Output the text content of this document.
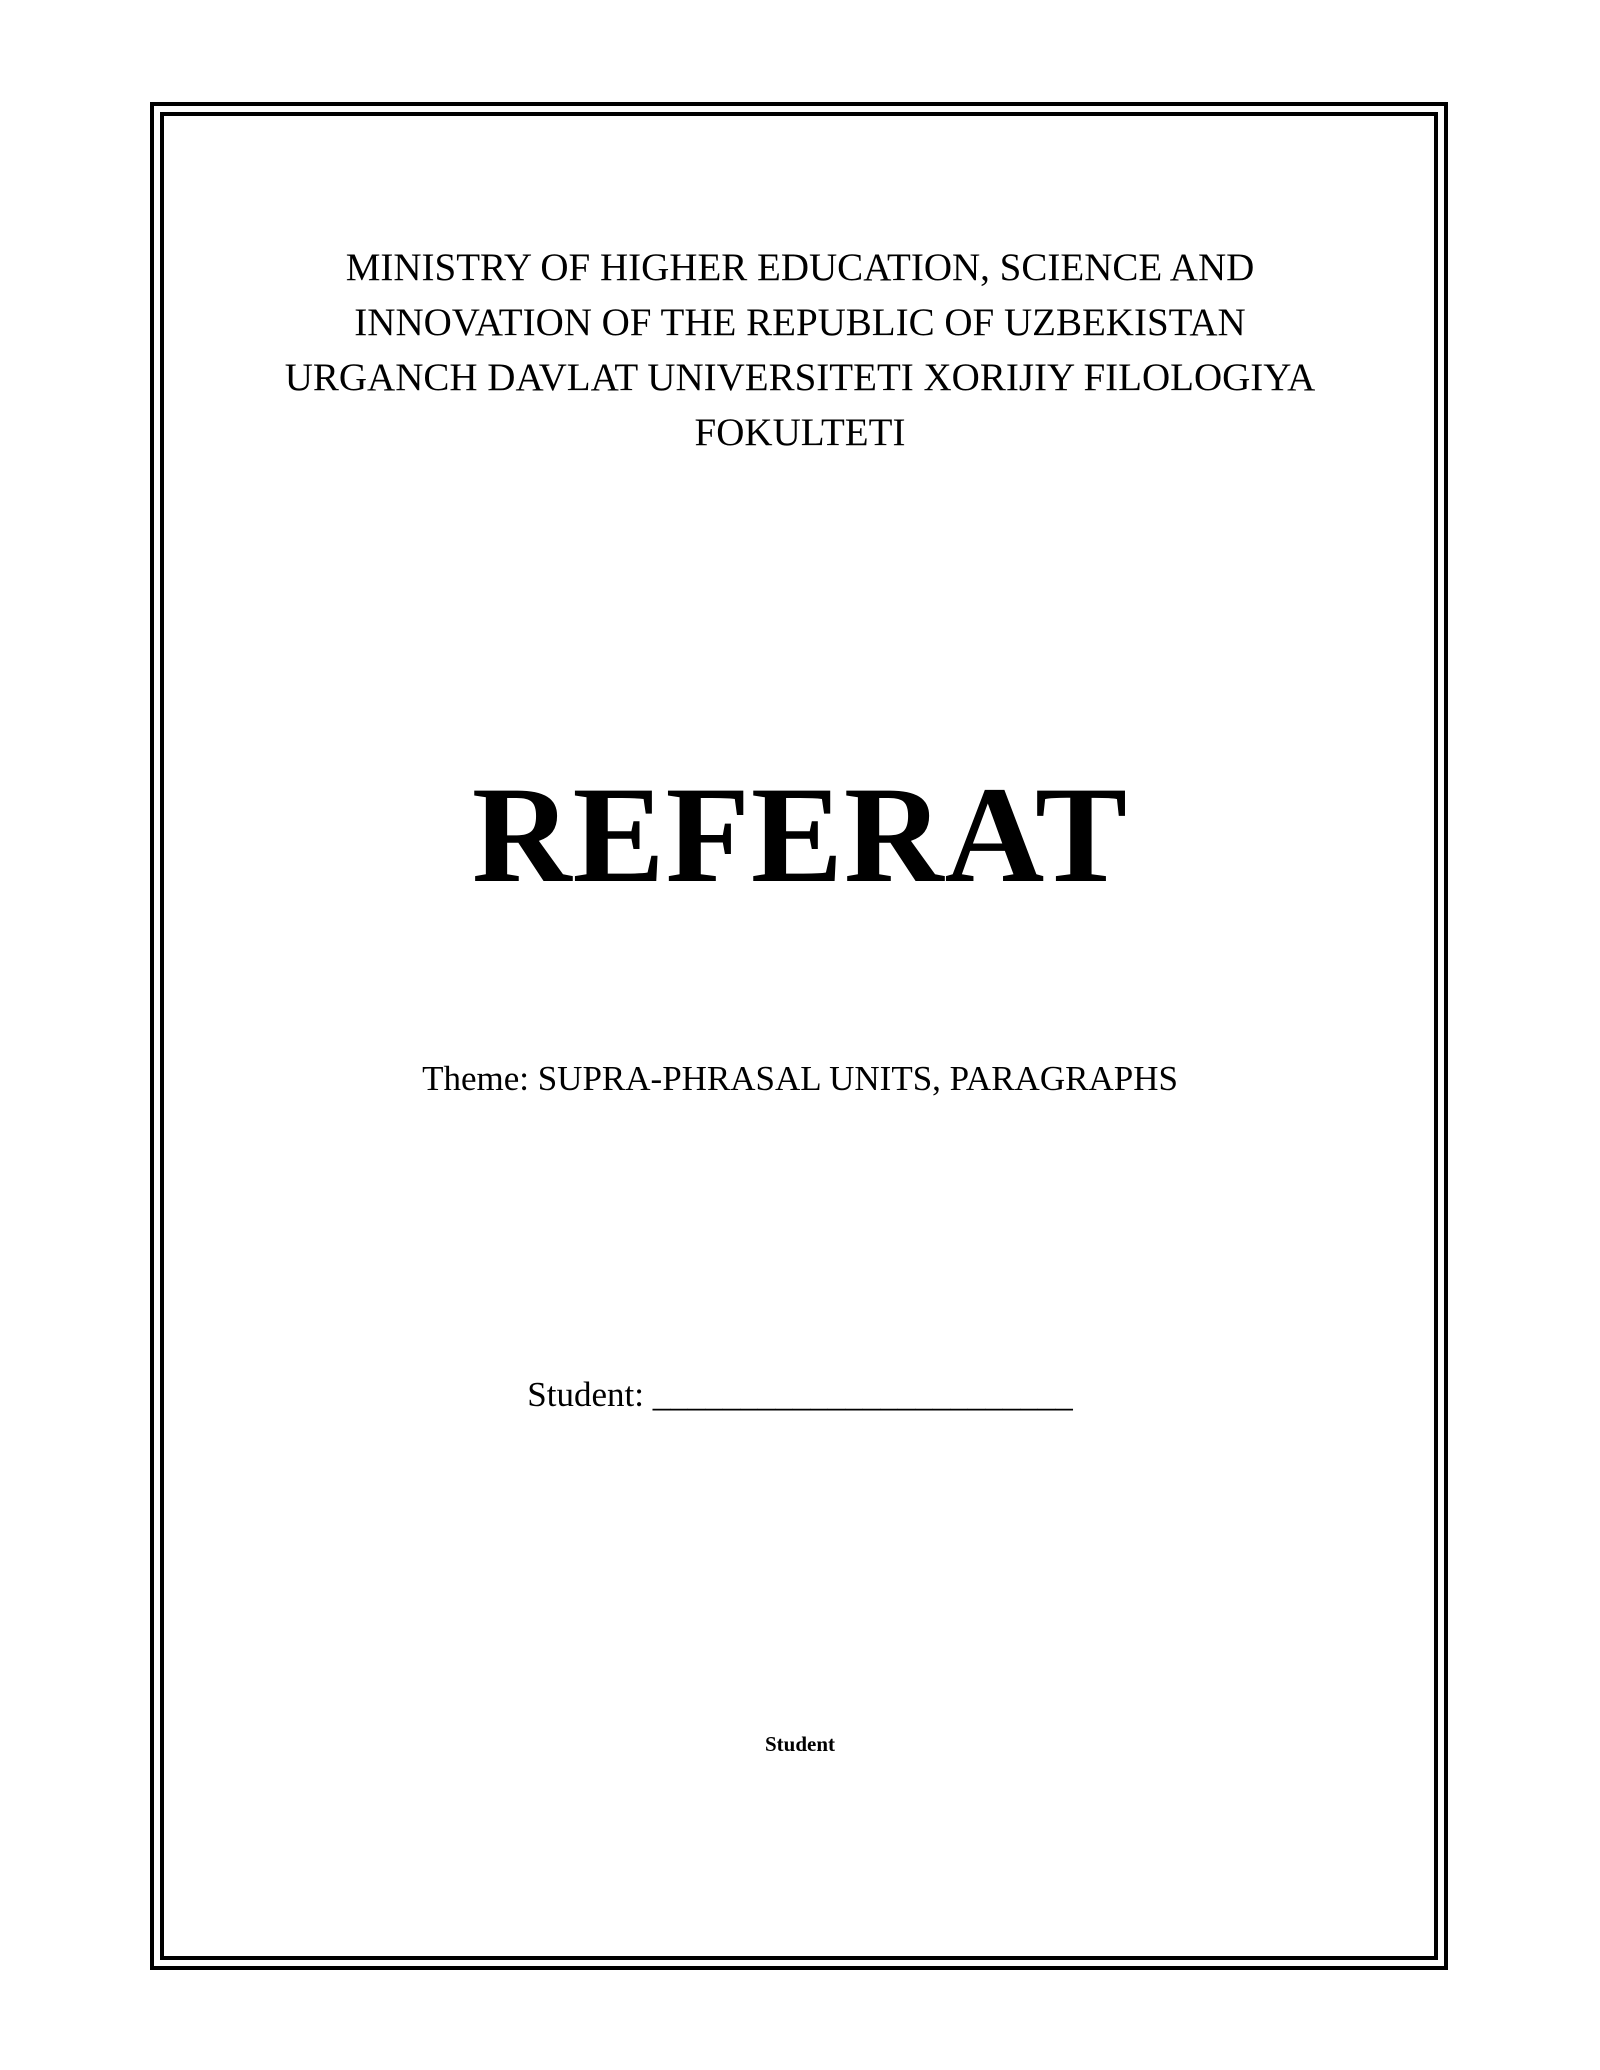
MINISTRY OF HIGHER EDUCATION, SCIENCE AND
INNOVATION OF THE REPUBLIC OF UZBEKISTAN
URGANCH DAVLAT UNIVERSITETI XORIJIY FILOLOGIYA
FOKULTETI
REFERAT
Theme: SUPRA-PHRASAL UNITS, PARAGRAPHS
Student: ________________________
Student
